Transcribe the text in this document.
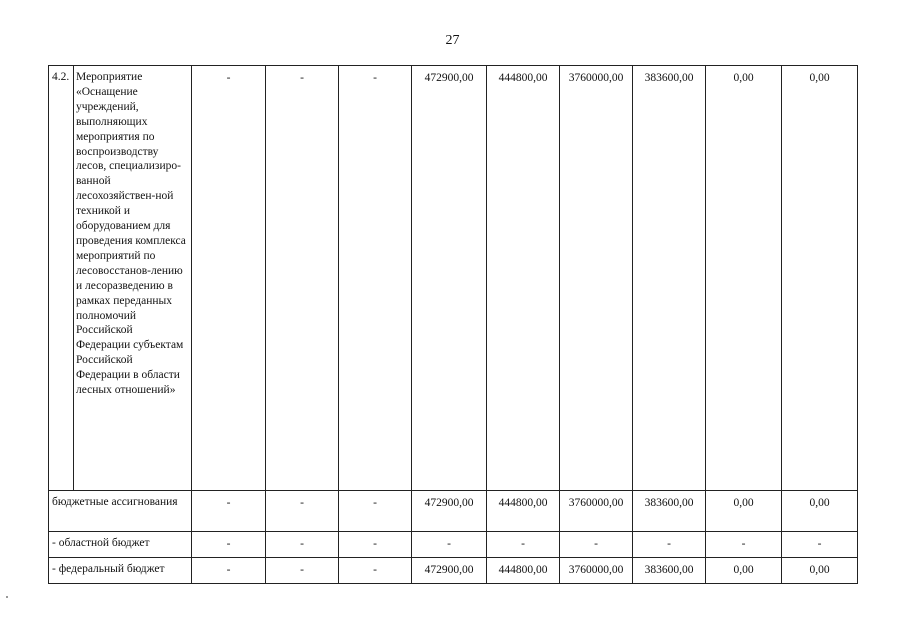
27
4.2.	Мероприятие «Оснащение учреждений, выполняющих мероприятия по воспроизводству лесов, специализиро-ванной лесохозяйствен-ной техникой и оборудованием для проведения комплекса мероприятий по лесовосстанов-лению и лесоразведению в рамках переданных полномочий Российской Федерации субъектам Российской Федерации в области лесных отношений»	-	-	-	472900,00	444800,00	3760000,00	383600,00	0,00	0,00
бюджетные ассигнования		-	-	-	472900,00	444800,00	3760000,00	383600,00	0,00	0,00
- областной бюджет		-	-	-	-	-	-	-	-	-
- федеральный бюджет		-	-	-	472900,00	444800,00	3760000,00	383600,00	0,00	0,00
